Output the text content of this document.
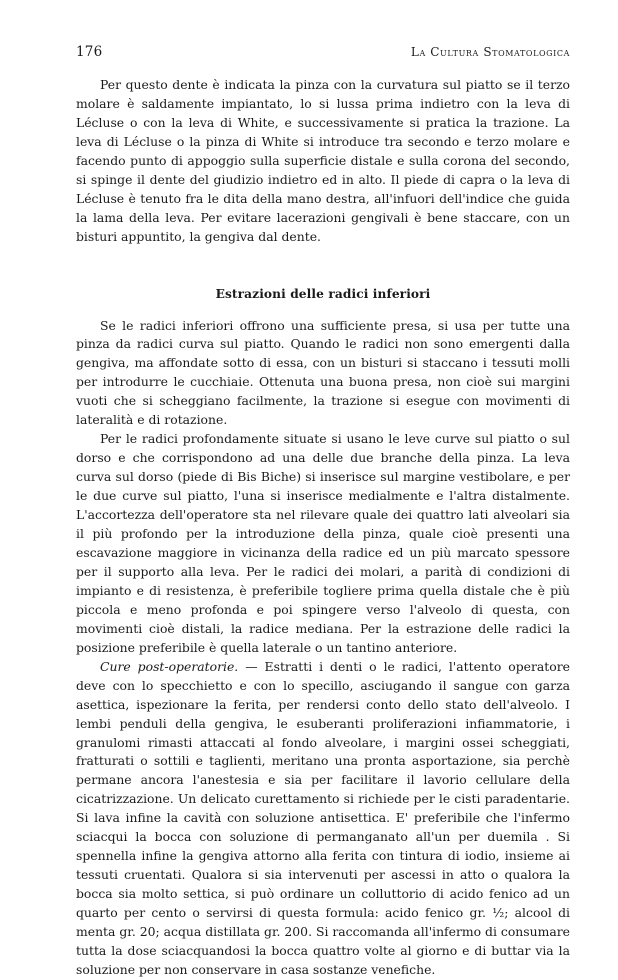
176	La Cultura Stomatologica

Per questo dente è indicata la pinza con la curvatura sul piatto se il terzo molare è saldamente impiantato, lo si lussa prima indietro con la leva di Lécluse o con la leva di White, e successivamente si pratica la trazione. La leva di Lécluse o la pinza di White si introduce tra secondo e terzo molare e facendo punto di appoggio sulla superficie distale e sulla corona del secondo, si spinge il dente del giudizio indietro ed in alto. Il piede di capra o la leva di Lécluse è tenuto fra le dita della mano destra, all'infuori dell'indice che guida la lama della leva. Per evitare lacerazioni gengivali è bene staccare, con un bisturi appuntito, la gengiva dal dente.

Estrazioni delle radici inferiori

Se le radici inferiori offrono una sufficiente presa, si usa per tutte una pinza da radici curva sul piatto. Quando le radici non sono emergenti dalla gengiva, ma affondate sotto di essa, con un bisturi si staccano i tessuti molli per introdurre le cucchiaie. Ottenuta una buona presa, non cioè sui margini vuoti che si scheggiano facilmente, la trazione si esegue con movimenti di lateralità e di rotazione.

Per le radici profondamente situate si usano le leve curve sul piatto o sul dorso e che corrispondono ad una delle due branche della pinza. La leva curva sul dorso (piede di Bis Biche) si inserisce sul margine vestibolare, e per le due curve sul piatto, l'una si inserisce medialmente e l'altra distalmente. L'accortezza dell'operatore sta nel rilevare quale dei quattro lati alveolari sia il più profondo per la introduzione della pinza, quale cioè presenti una escavazione maggiore in vicinanza della radice ed un più marcato spessore per il supporto alla leva. Per le radici dei molari, a parità di condizioni di impianto e di resistenza, è preferibile togliere prima quella distale che è più piccola e meno profonda e poi spingere verso l'alveolo di questa, con movimenti cioè distali, la radice mediana. Per la estrazione delle radici la posizione preferibile è quella laterale o un tantino anteriore.

Cure post-operatorie. — Estratti i denti o le radici, l'attento operatore deve con lo specchietto e con lo specillo, asciugando il sangue con garza asettica, ispezionare la ferita, per rendersi conto dello stato dell'alveolo. I lembi penduli della gengiva, le esuberanti proliferazioni infiammatorie, i granulomi rimasti attaccati al fondo alveolare, i margini ossei scheggiati, fratturati o sottili e taglienti, meritano una pronta asportazione, sia perchè permane ancora l'anestesia e sia per facilitare il lavorio cellulare della cicatrizzazione. Un delicato curettamento si richiede per le cisti paradentarie. Si lava infine la cavità con soluzione antisettica. E' preferibile che l'infermo sciacqui la bocca con soluzione di permanganato all'un per duemila . Si spennella infine la gengiva attorno alla ferita con tintura di iodio, insieme ai tessuti cruentati. Qualora si sia intervenuti per ascessi in atto o qualora la bocca sia molto settica, si può ordinare un colluttorio di acido fenico ad un quarto per cento o servirsi di questa formula: acido fenico gr. ½; alcool di menta gr. 20; acqua distillata gr. 200. Si raccomanda all'infermo di consumare tutta la dose sciacquandosi la bocca quattro volte al giorno e di buttar via la soluzione per non conservare in casa sostanze venefiche.
